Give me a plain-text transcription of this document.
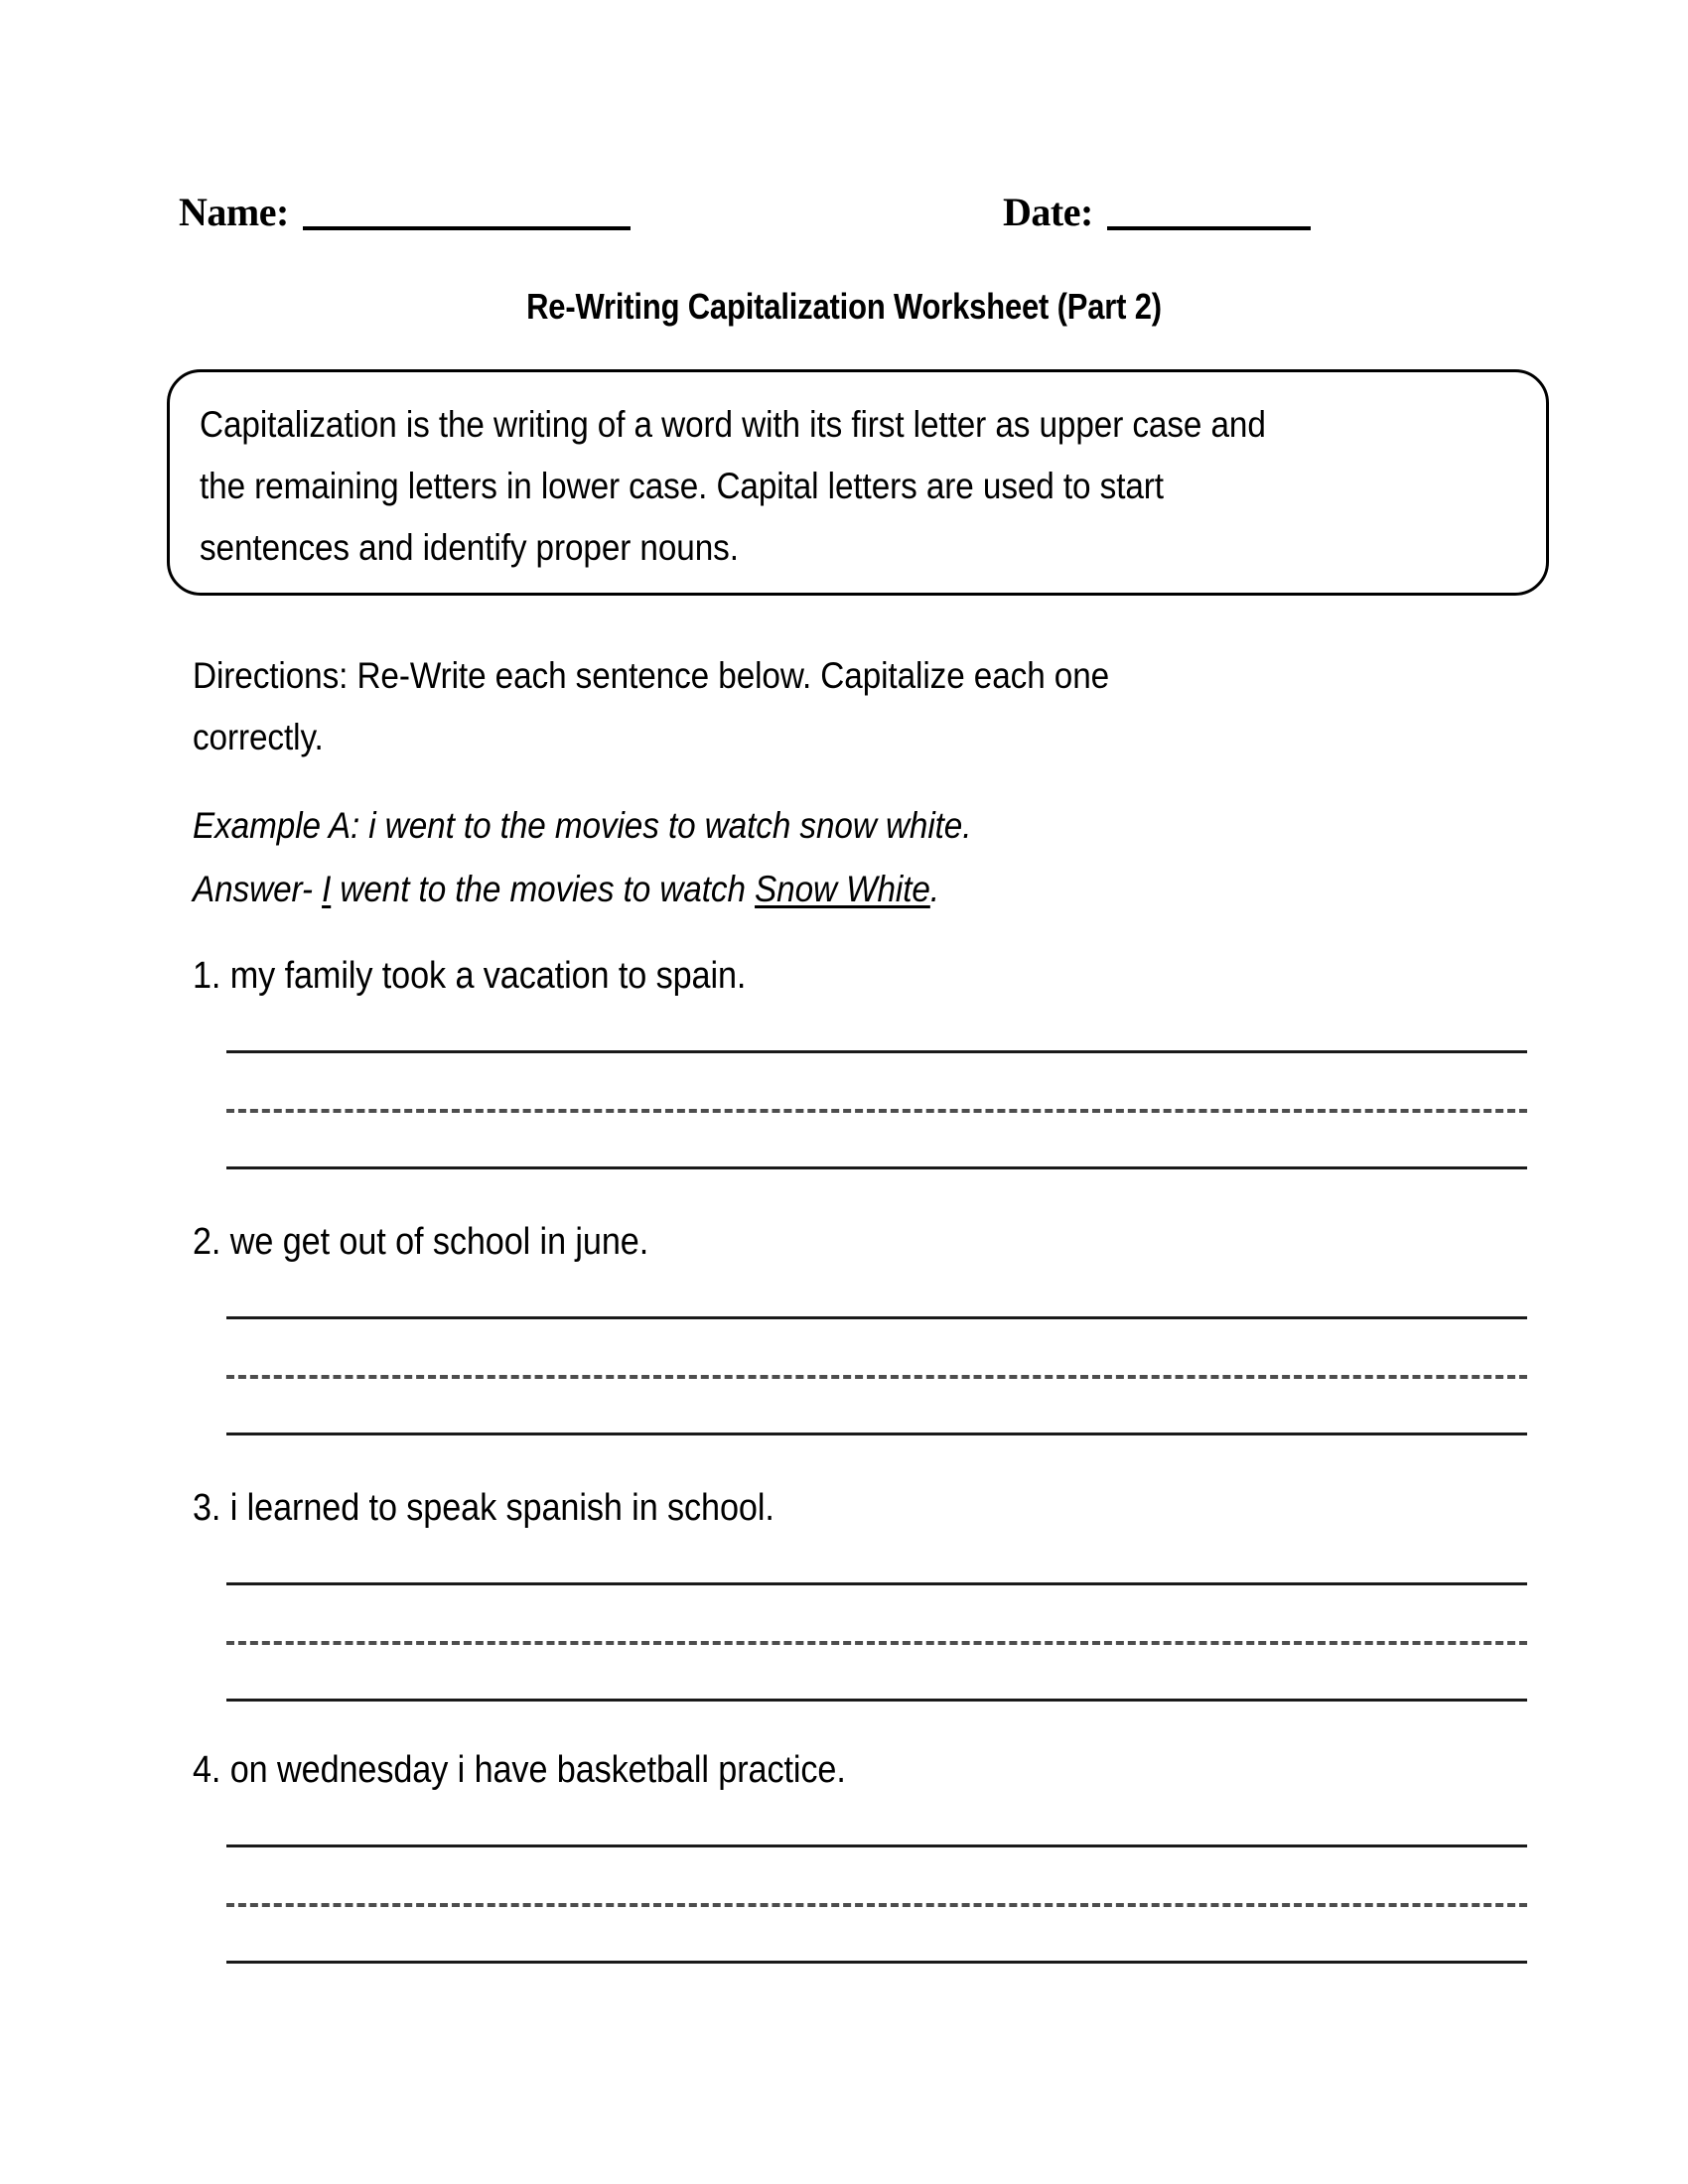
Name:	Date:
Re-Writing Capitalization Worksheet (Part 2)
Capitalization is the writing of a word with its first letter as upper case and
the remaining letters in lower case. Capital letters are used to start
sentences and identify proper nouns.
Directions: Re-Write each sentence below. Capitalize each one
correctly.
Example A: i went to the movies to watch snow white.
Answer- I went to the movies to watch Snow White.
1. my family took a vacation to spain.
2. we get out of school in june.
3. i learned to speak spanish in school.
4. on wednesday i have basketball practice.
